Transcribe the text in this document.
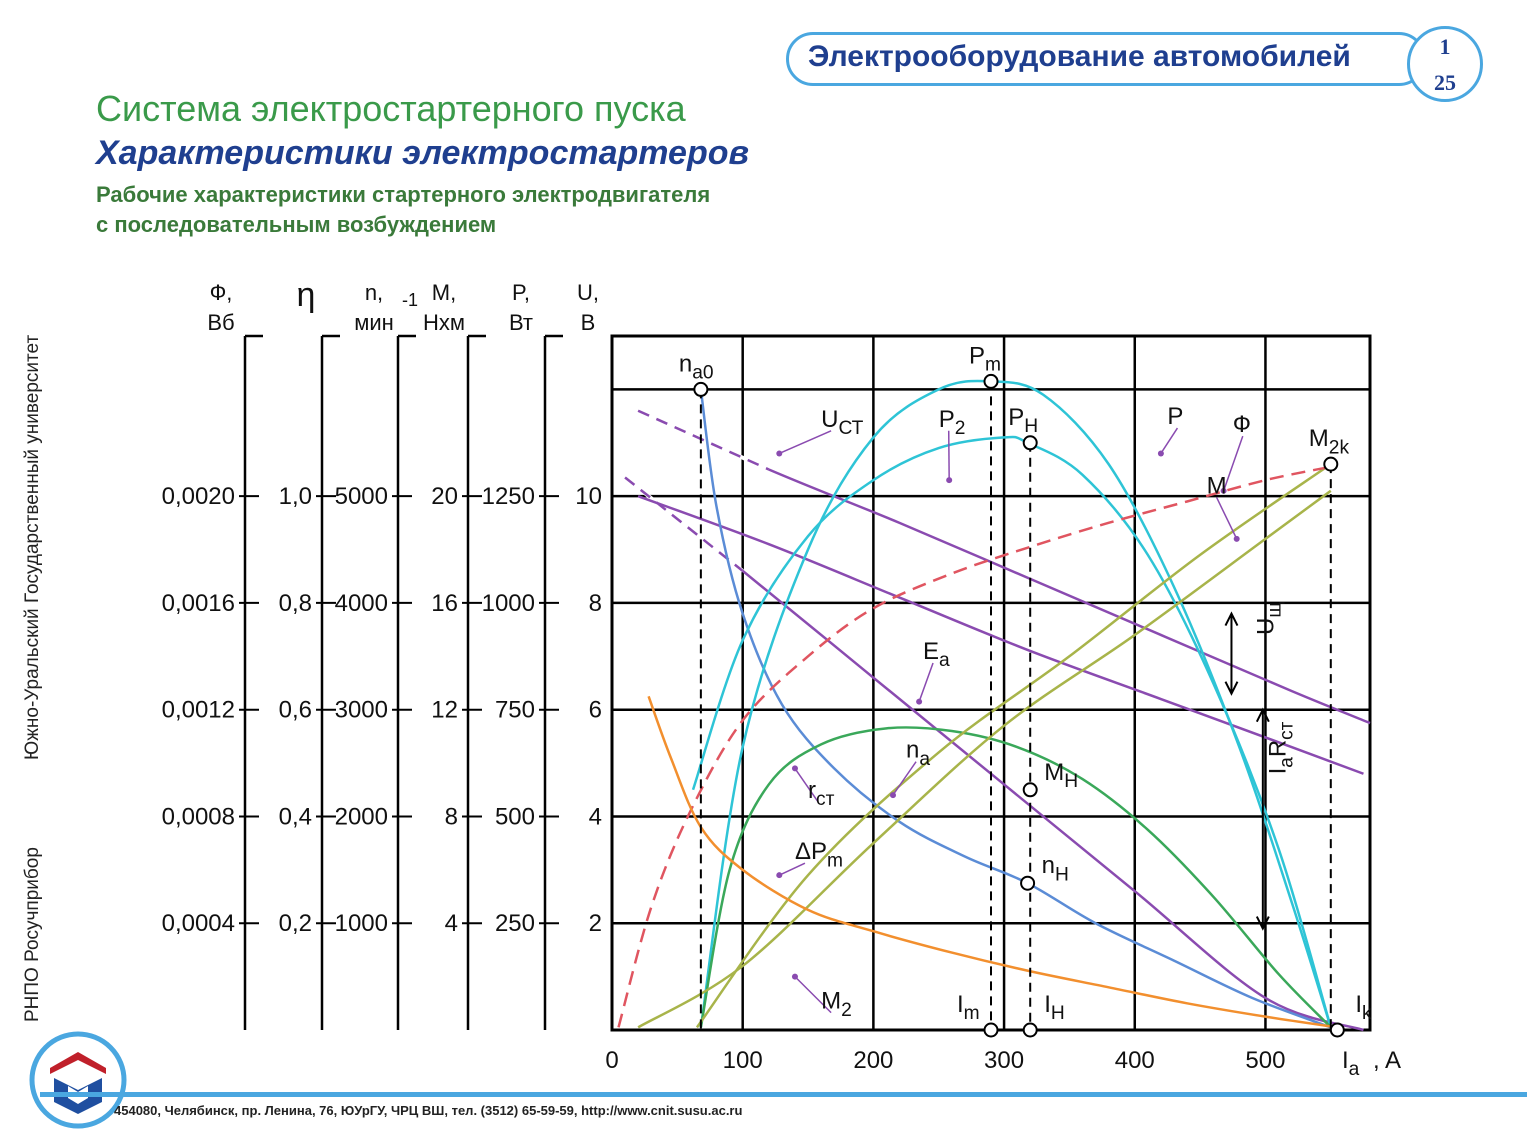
Электрооборудование автомобилей	1
25
Система электростартерного пуска
Характеристики электростартеров
Рабочие характеристики стартерного электродвигателя
с последовательным возбуждением
Южно-Уральский Государственный университет
РНПО Росучприбор
454080, Челябинск, пр. Ленина, 76, ЮУрГУ, ЧРЦ ВШ, тел. (3512) 65-59-59, http://www.cnit.susu.ac.ru
0	100	200	300	400	500 $I_a$ , A
Ф,
Вб
0,0004
0,0008
0,0012
0,0016
0,0020
η
0,2
0,4
0,6
0,8
1,0
n,
мин
-1
1000
2000
3000
4000
5000
M,
Нхм
4
8
12
16
20
P,
Вт
250
500
750
1000
1250
U,
В
2
4
6
8
10
$U_{СТ}$	$P_2$	P Ф
M
$E_a$
$n_a$
$r_{ст}$
$\Delta P_m$
$M_2$
$n_{a0}$
$P_m$
$P_H$	$M_{2k}$
$M_H$
$n_H$
$I_m$	$I_H$	$I_k$
$U_щ$
$I_aR_{ст}$
